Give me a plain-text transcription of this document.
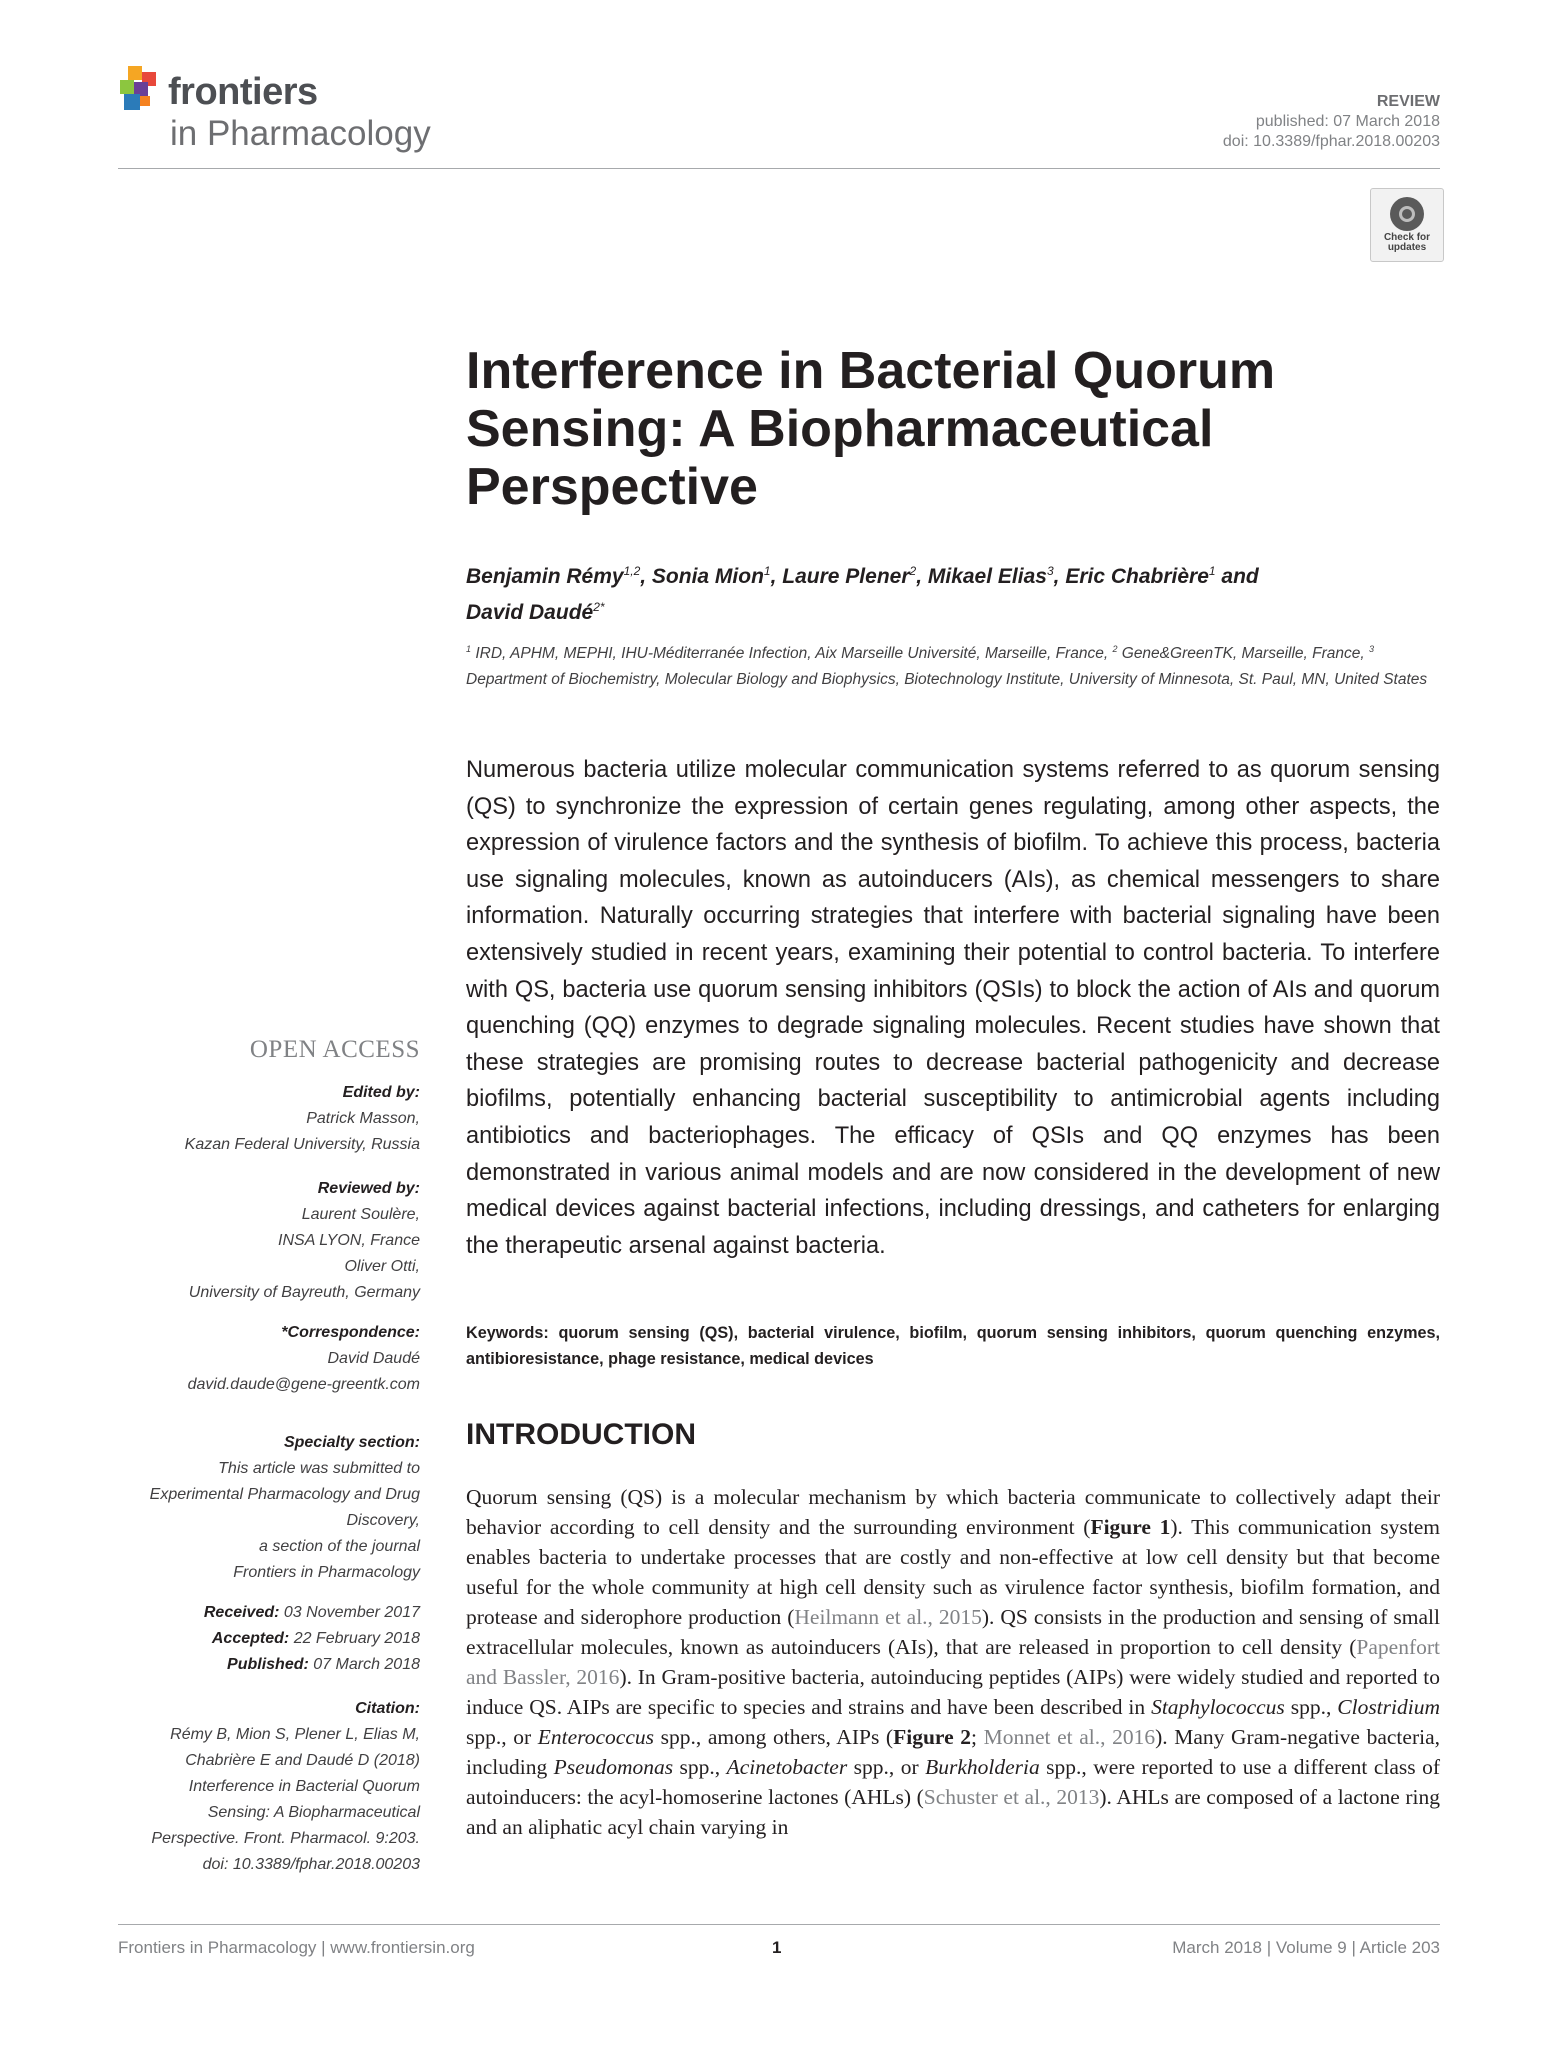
frontiers
in Pharmacology
REVIEW
published: 07 March 2018
doi: 10.3389/fphar.2018.00203
Check for
updates
Interference in Bacterial Quorum
Sensing: A Biopharmaceutical
Perspective
Benjamin Rémy$^{1,2}$, Sonia Mion$^1$, Laure Plener$^2$, Mikael Elias$^3$, Eric Chabrière$^1$ and
David Daudé$^{2*}$
$^1$ IRD, APHM, MEPHI, IHU-Méditerranée Infection, Aix Marseille Université, Marseille, France, $^2$ Gene&GreenTK, Marseille, France, $^3$ Department of Biochemistry, Molecular Biology and Biophysics, Biotechnology Institute, University of Minnesota, St. Paul, MN, United States
Numerous bacteria utilize molecular communication systems referred to as quorum sensing (QS) to synchronize the expression of certain genes regulating, among other aspects, the expression of virulence factors and the synthesis of biofilm. To achieve this process, bacteria use signaling molecules, known as autoinducers (AIs), as chemical messengers to share information. Naturally occurring strategies that interfere with bacterial signaling have been extensively studied in recent years, examining their potential to control bacteria. To interfere with QS, bacteria use quorum sensing inhibitors (QSIs) to block the action of AIs and quorum quenching (QQ) enzymes to degrade signaling molecules. Recent studies have shown that these strategies are promising routes to decrease bacterial pathogenicity and decrease biofilms, potentially enhancing bacterial susceptibility to antimicrobial agents including antibiotics and bacteriophages. The efficacy of QSIs and QQ enzymes has been demonstrated in various animal models and are now considered in the development of new medical devices against bacterial infections, including dressings, and catheters for enlarging the therapeutic arsenal against bacteria.
Keywords: quorum sensing (QS), bacterial virulence, biofilm, quorum sensing inhibitors, quorum quenching enzymes, antibioresistance, phage resistance, medical devices
OPEN ACCESS
Edited by:
Patrick Masson,
Kazan Federal University, Russia
Reviewed by:
Laurent Soulère,
INSA LYON, France
Oliver Otti,
University of Bayreuth, Germany
*Correspondence:
David Daudé
david.daude@gene-greentk.com
Specialty section:
This article was submitted to
Experimental Pharmacology and Drug
Discovery,
a section of the journal
Frontiers in Pharmacology
Received: 03 November 2017
Accepted: 22 February 2018
Published: 07 March 2018
Citation:
Rémy B, Mion S, Plener L, Elias M,
Chabrière E and Daudé D (2018)
Interference in Bacterial Quorum
Sensing: A Biopharmaceutical
Perspective. Front. Pharmacol. 9:203.
doi: 10.3389/fphar.2018.00203
INTRODUCTION
Quorum sensing (QS) is a molecular mechanism by which bacteria communicate to collectively adapt their behavior according to cell density and the surrounding environment (Figure 1). This communication system enables bacteria to undertake processes that are costly and non-effective at low cell density but that become useful for the whole community at high cell density such as virulence factor synthesis, biofilm formation, and protease and siderophore production (Heilmann et al., 2015). QS consists in the production and sensing of small extracellular molecules, known as autoinducers (AIs), that are released in proportion to cell density (Papenfort and Bassler, 2016). In Gram-positive bacteria, autoinducing peptides (AIPs) were widely studied and reported to induce QS. AIPs are specific to species and strains and have been described in Staphylococcus spp., Clostridium spp., or Enterococcus spp., among others, AIPs (Figure 2; Monnet et al., 2016). Many Gram-negative bacteria, including Pseudomonas spp., Acinetobacter spp., or Burkholderia spp., were reported to use a different class of autoinducers: the acyl-homoserine lactones (AHLs) (Schuster et al., 2013). AHLs are composed of a lactone ring and an aliphatic acyl chain varying in
Frontiers in Pharmacology | www.frontiersin.org	1	March 2018 | Volume 9 | Article 203
